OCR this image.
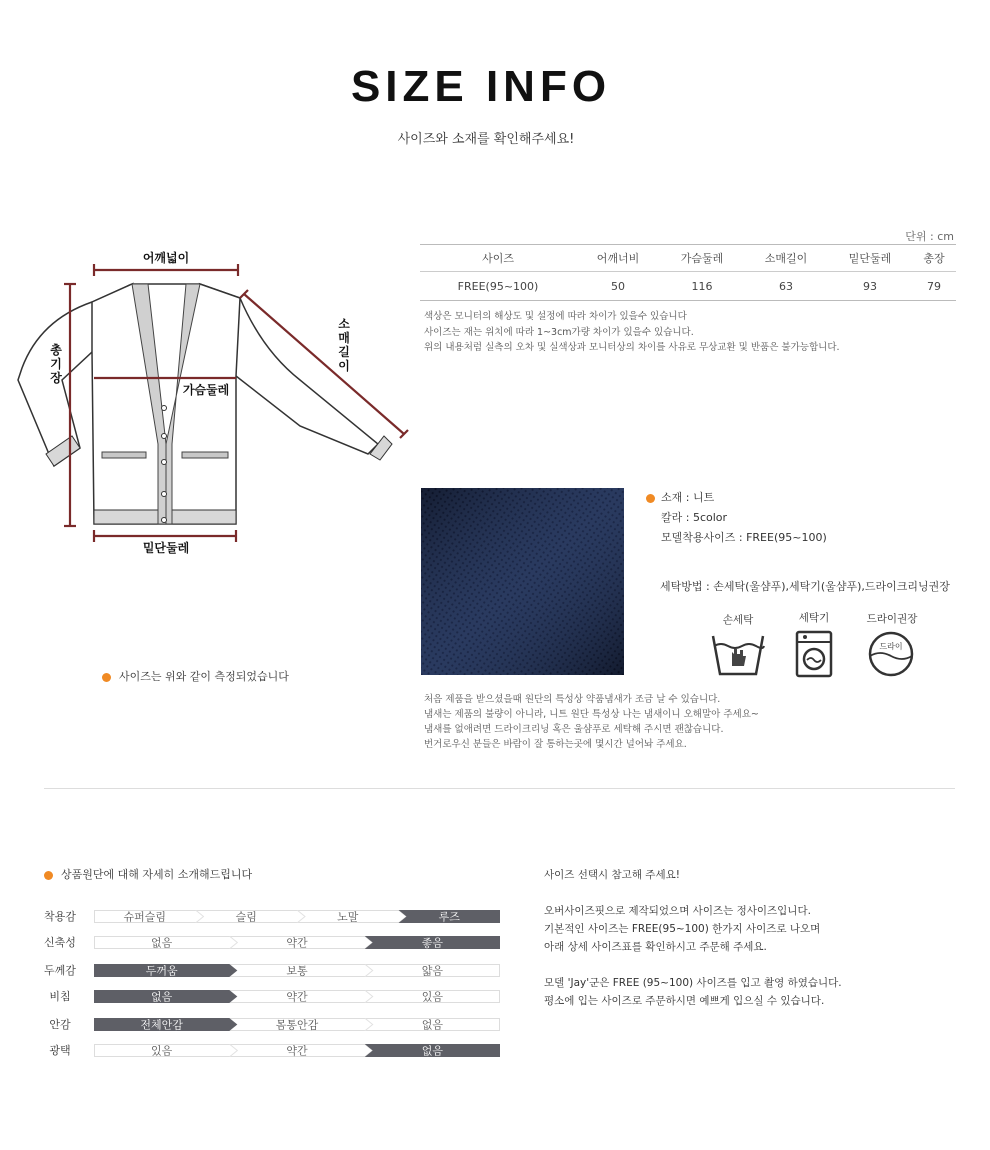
SIZE INFO
사이즈와 소재를 확인해주세요!
어깨넓이
가슴둘레
밑단둘레
총 기 장
소 매 길 이
사이즈는 위와 같이 측정되었습니다
단위 : cm
사이즈	어깨너비	가슴둘레	소매길이	밑단둘레	총장
FREE(95~100)	50	116	63	93	79
색상은 모니터의 해상도 및 설정에 따라 차이가 있을수 있습니다
사이즈는 재는 위치에 따라 1~3cm가량 차이가 있을수 있습니다.
위의 내용처럼 실측의 오차 및 실색상과 모니터상의 차이를 사유로 무상교환 및 반품은 불가능합니다.
소재 : 니트
칼라 : 5color
모델착용사이즈 : FREE(95~100)
세탁방법 : 손세탁(울샴푸),세탁기(울샴푸),드라이크리닝권장
손세탁	세탁기	드라이권장
드라이
처음 제품을 받으셨을때 원단의 특성상 약품냄새가 조금 날 수 있습니다.
냄새는 제품의 불량이 아니라, 니트 원단 특성상 나는 냄새이니 오해말아 주세요~
냄새를 없애려면 드라이크리닝 혹은 울샴푸로 세탁해 주시면 괜찮습니다.
번거로우신 분들은 바람이 잘 통하는곳에 몇시간 널어놔 주세요.
상품원단에 대해 자세히 소개해드립니다
착용감	슈퍼슬림	슬림	노말	루즈
신축성	없음	약간	좋음
두께감	두꺼움	보통	얇음
비침	없음	약간	있음
안감	전체안감	몸통안감	없음
광택	있음	약간	없음
사이즈 선택시 참고해 주세요!
오버사이즈핏으로 제작되었으며 사이즈는 정사이즈입니다.
기본적인 사이즈는 FREE(95~100) 한가지 사이즈로 나오며
아래 상세 사이즈표를 확인하시고 주문해 주세요.
모델 'Jay'군은 FREE (95~100) 사이즈를 입고 촬영 하였습니다.
평소에 입는 사이즈로 주문하시면 예쁘게 입으실 수 있습니다.
